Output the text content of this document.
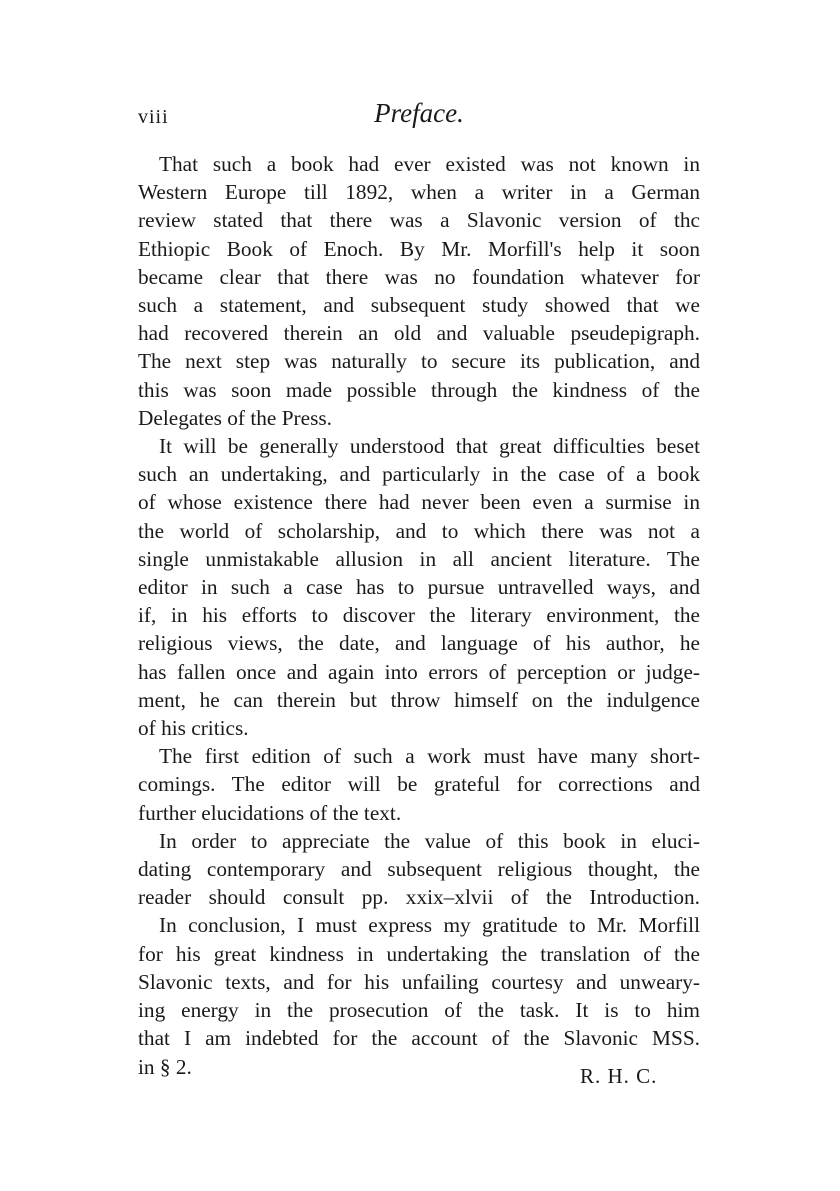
viii	Preface.

That such a book had ever existed was not known in
Western Europe till 1892, when a writer in a German
review stated that there was a Slavonic version of thc
Ethiopic Book of Enoch. By Mr. Morfill's help it soon
became clear that there was no foundation whatever for
such a statement, and subsequent study showed that we
had recovered therein an old and valuable pseudepigraph.
The next step was naturally to secure its publication, and
this was soon made possible through the kindness of the
Delegates of the Press.

It will be generally understood that great difficulties beset
such an undertaking, and particularly in the case of a book
of whose existence there had never been even a surmise in
the world of scholarship, and to which there was not a
single unmistakable allusion in all ancient literature. The
editor in such a case has to pursue untravelled ways, and
if, in his efforts to discover the literary environment, the
religious views, the date, and language of his author, he
has fallen once and again into errors of perception or judge-
ment, he can therein but throw himself on the indulgence
of his critics.

The first edition of such a work must have many short-
comings. The editor will be grateful for corrections and
further elucidations of the text.

In order to appreciate the value of this book in eluci-
dating contemporary and subsequent religious thought, the
reader should consult pp. xxix–xlvii of the Introduction.

In conclusion, I must express my gratitude to Mr. Morfill
for his great kindness in undertaking the translation of the
Slavonic texts, and for his unfailing courtesy and unweary-
ing energy in the prosecution of the task. It is to him
that I am indebted for the account of the Slavonic MSS.
in § 2.	R. H. C.
